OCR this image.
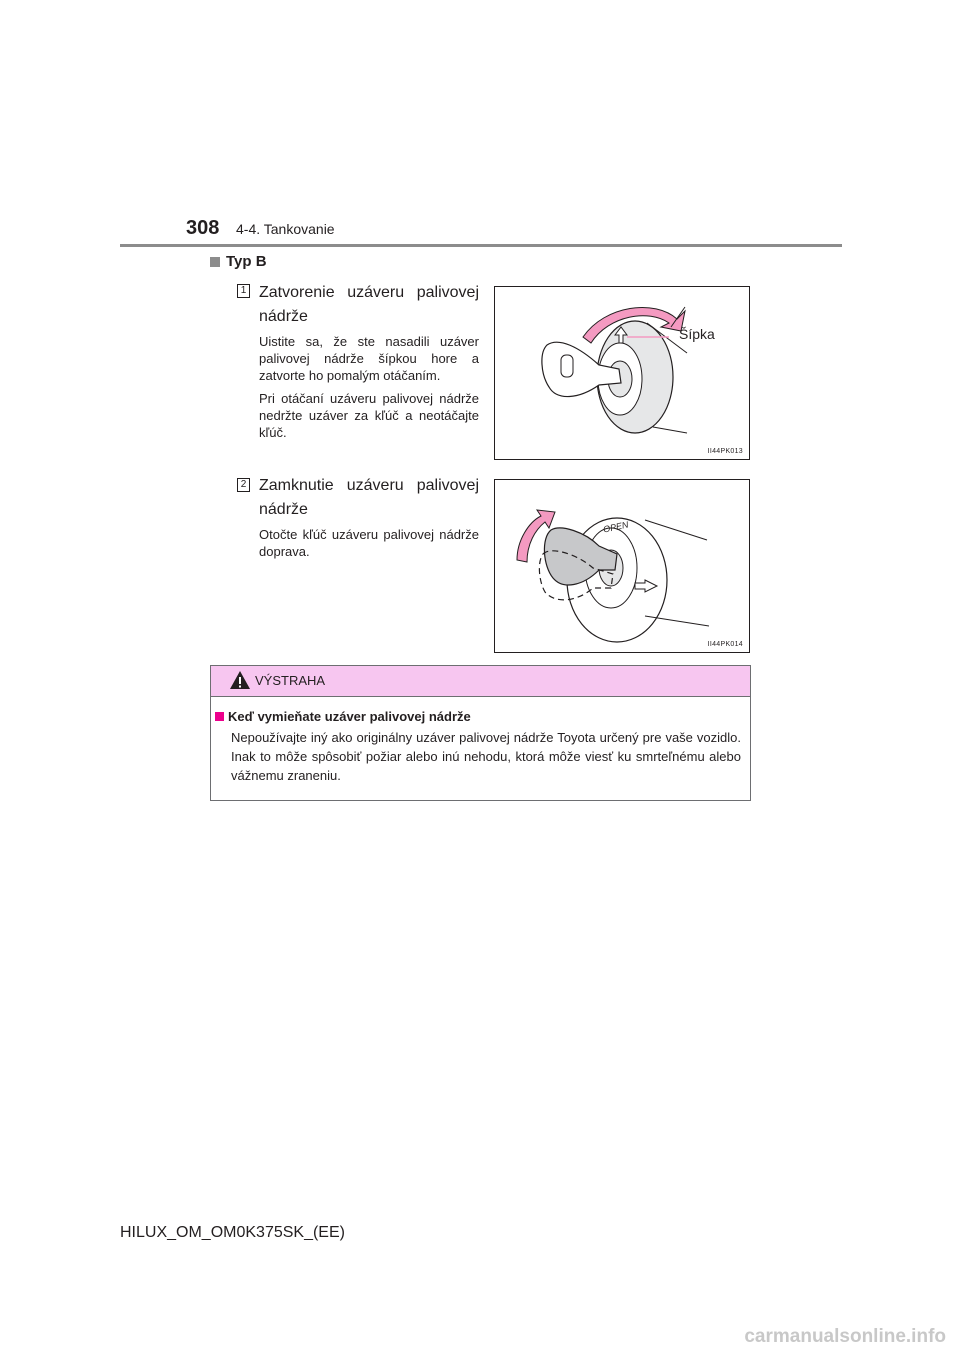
308 4-4. Tankovanie
Typ B
1 Zatvorenie uzáveru palivovej nádrže

Uistite sa, že ste nasadili uzáver palivovej nádrže šípkou hore a zatvorte ho pomalým otáčaním.

Pri otáčaní uzáveru palivovej nádrže nedržte uzáver za kľúč a neotáčajte kľúč.

Šípka
II44PK013
2 Zamknutie uzáveru palivovej nádrže

Otočte kľúč uzáveru palivovej nádrže doprava.

OPEN
II44PK014
VÝSTRAHA
Keď vymieňate uzáver palivovej nádrže

Nepoužívajte iný ako originálny uzáver palivovej nádrže Toyota určený pre vaše vozidlo. Inak to môže spôsobiť požiar alebo inú nehodu, ktorá môže viesť ku smrteľnému alebo vážnemu zraneniu.

HILUX_OM_OM0K375SK_(EE)
carmanualsonline.info
